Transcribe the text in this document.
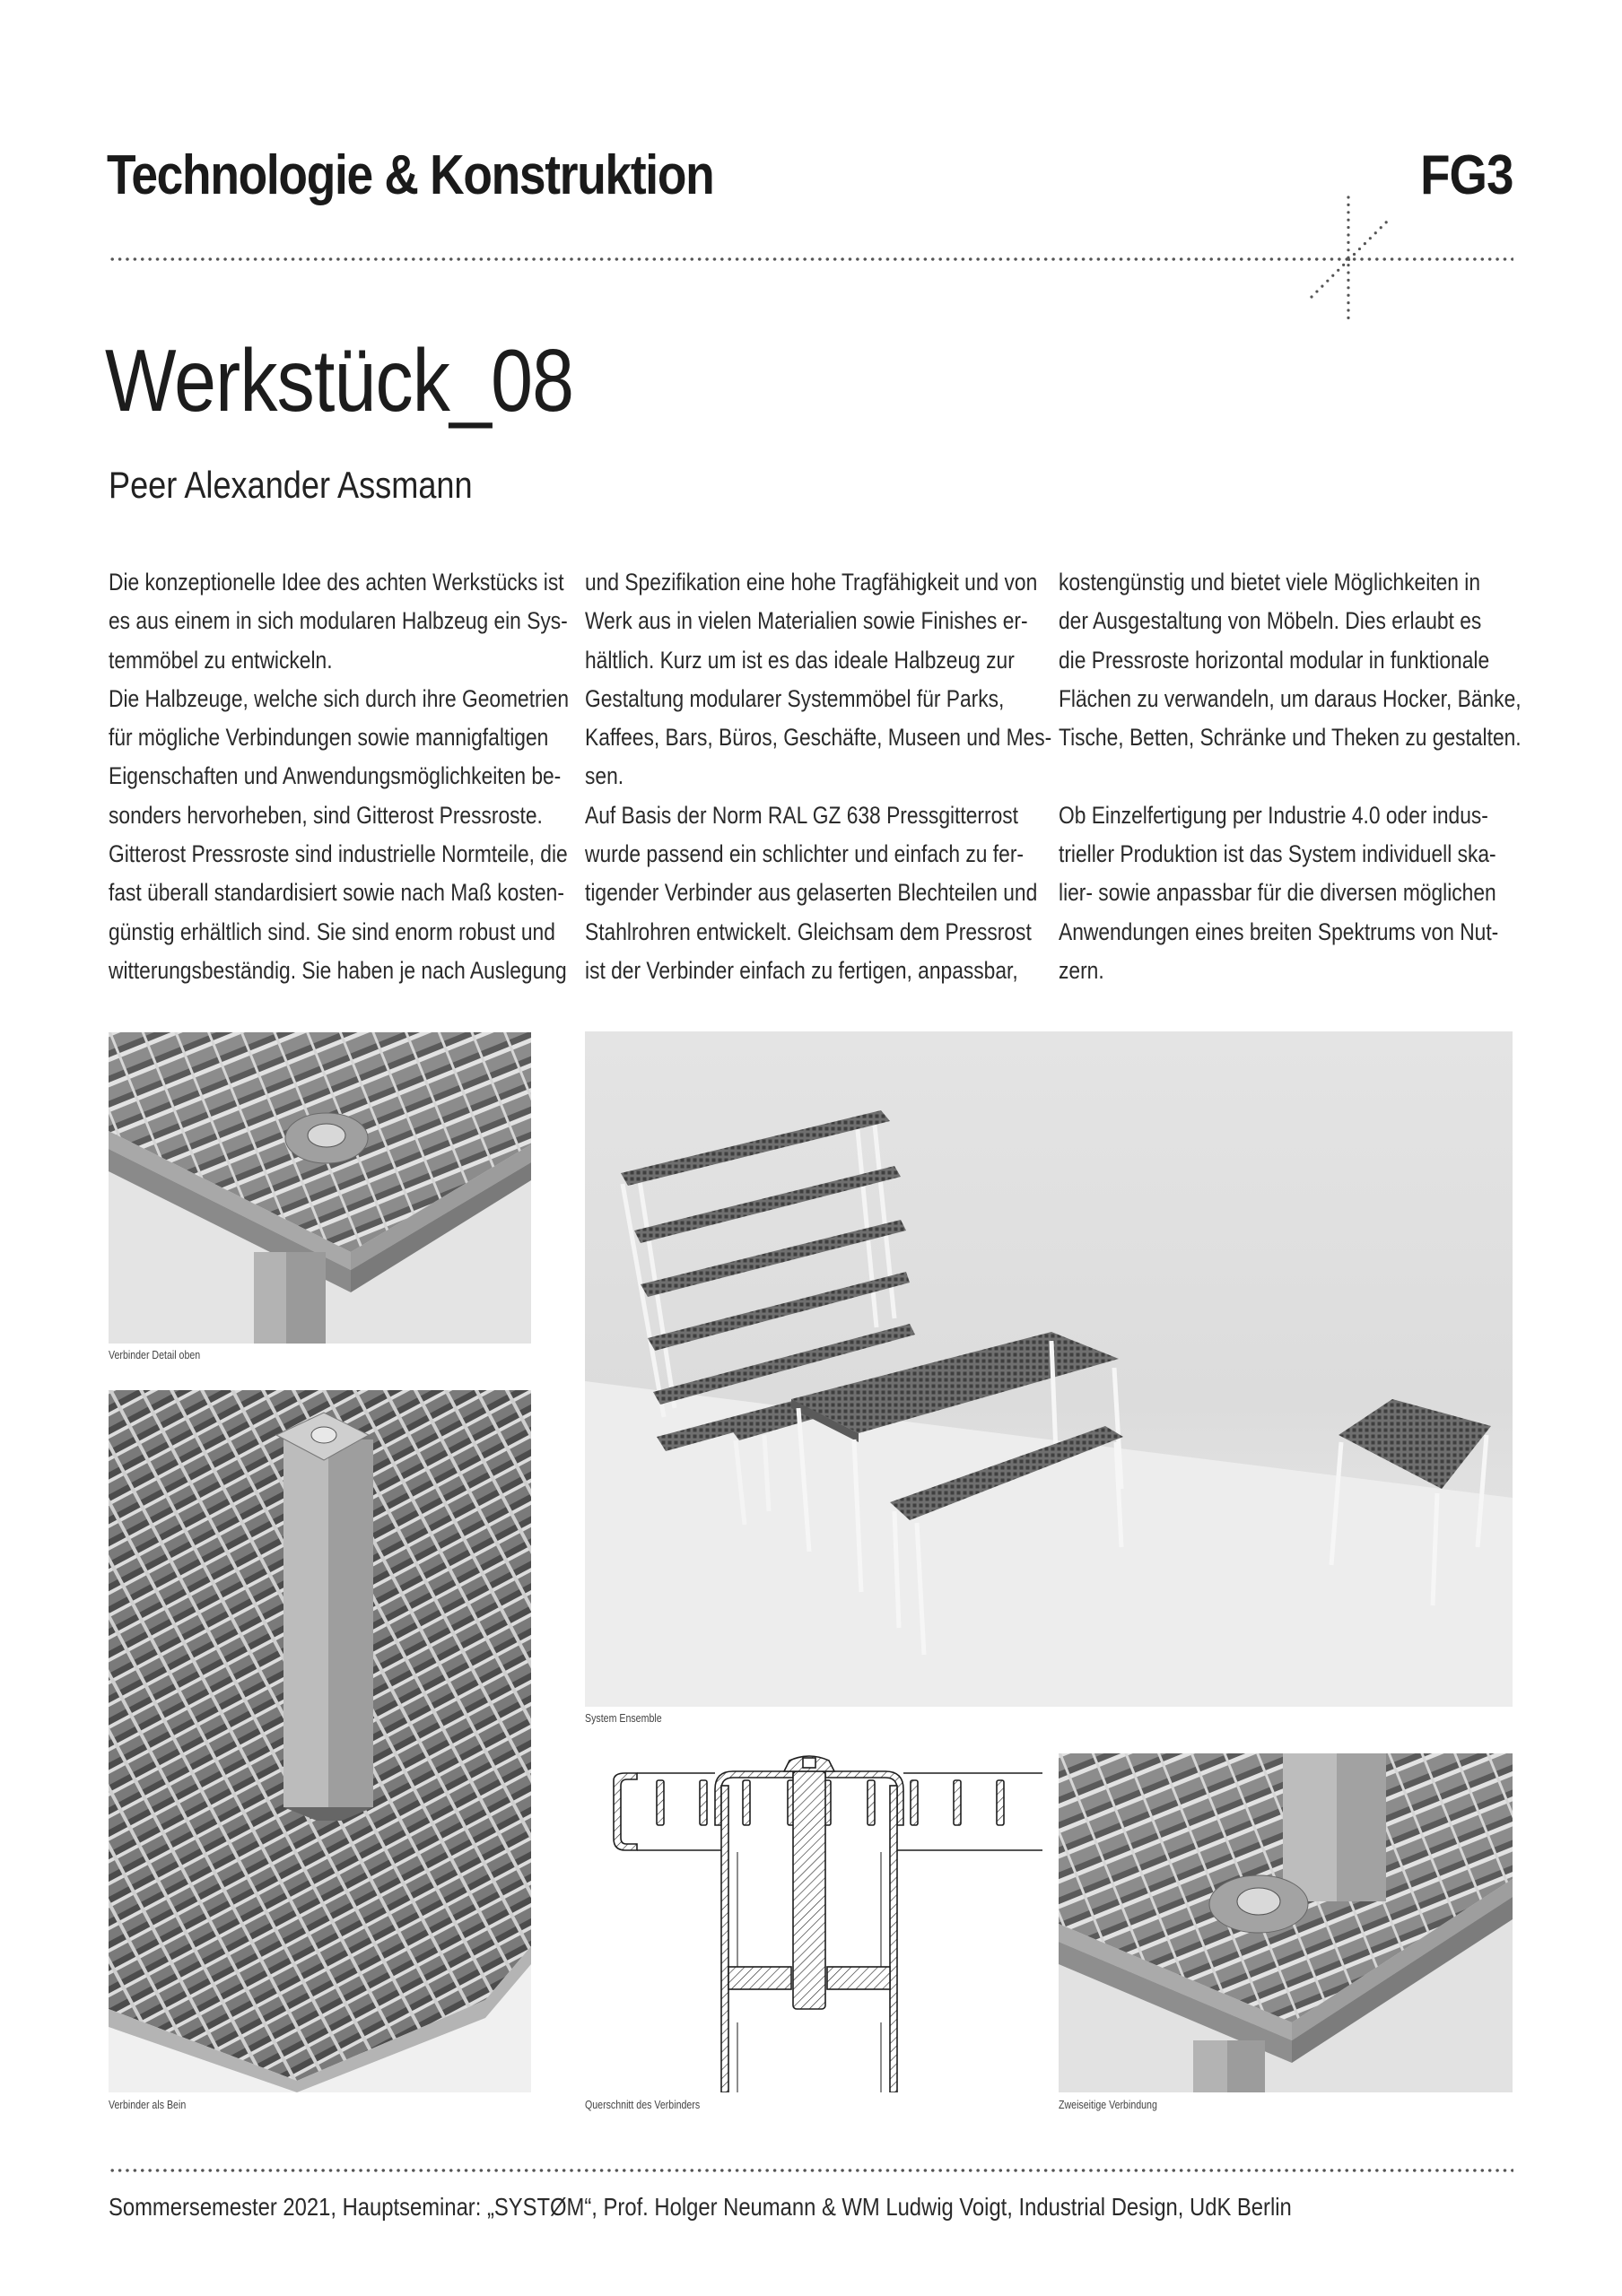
Technologie & Konstruktion	FG3
Werkstück_08
Peer Alexander Assmann

Die konzeptionelle Idee des achten Werkstücks ist

es aus einem in sich modularen Halbzeug ein Sys-

temmöbel zu entwickeln.

Die Halbzeuge, welche sich durch ihre Geometrien

für mögliche Verbindungen sowie mannigfaltigen

Eigenschaften und Anwendungsmöglichkeiten be-

sonders hervorheben, sind Gitterost Pressroste.

Gitterost Pressroste sind industrielle Normteile, die

fast überall standardisiert sowie nach Maß kosten-

günstig erhältlich sind. Sie sind enorm robust und

witterungsbeständig. Sie haben je nach Auslegung

und Spezifikation eine hohe Tragfähigkeit und von

Werk aus in vielen Materialien sowie Finishes er-

hältlich. Kurz um ist es das ideale Halbzeug zur

Gestaltung modularer Systemmöbel für Parks,

Kaffees, Bars, Büros, Geschäfte, Museen und Mes-

sen.

Auf Basis der Norm RAL GZ 638 Pressgitterrost

wurde passend ein schlichter und einfach zu fer-

tigender Verbinder aus gelaserten Blechteilen und

Stahlrohren entwickelt. Gleichsam dem Pressrost

ist der Verbinder einfach zu fertigen, anpassbar,

kostengünstig und bietet viele Möglichkeiten in

der Ausgestaltung von Möbeln. Dies erlaubt es

die Pressroste horizontal modular in funktionale

Flächen zu verwandeln, um daraus Hocker, Bänke,

Tische, Betten, Schränke und Theken zu gestalten.

Ob Einzelfertigung per Industrie 4.0 oder indus-

trieller Produktion ist das System individuell ska-

lier- sowie anpassbar für die diversen möglichen

Anwendungen eines breiten Spektrums von Nut-

zern.

Verbinder Detail oben
Verbinder als Bein
System Ensemble
Querschnitt des Verbinders	Zweiseitige Verbindung
Sommersemester 2021, Hauptseminar: „SYSTØM“, Prof. Holger Neumann & WM Ludwig Voigt, Industrial Design, UdK Berlin
